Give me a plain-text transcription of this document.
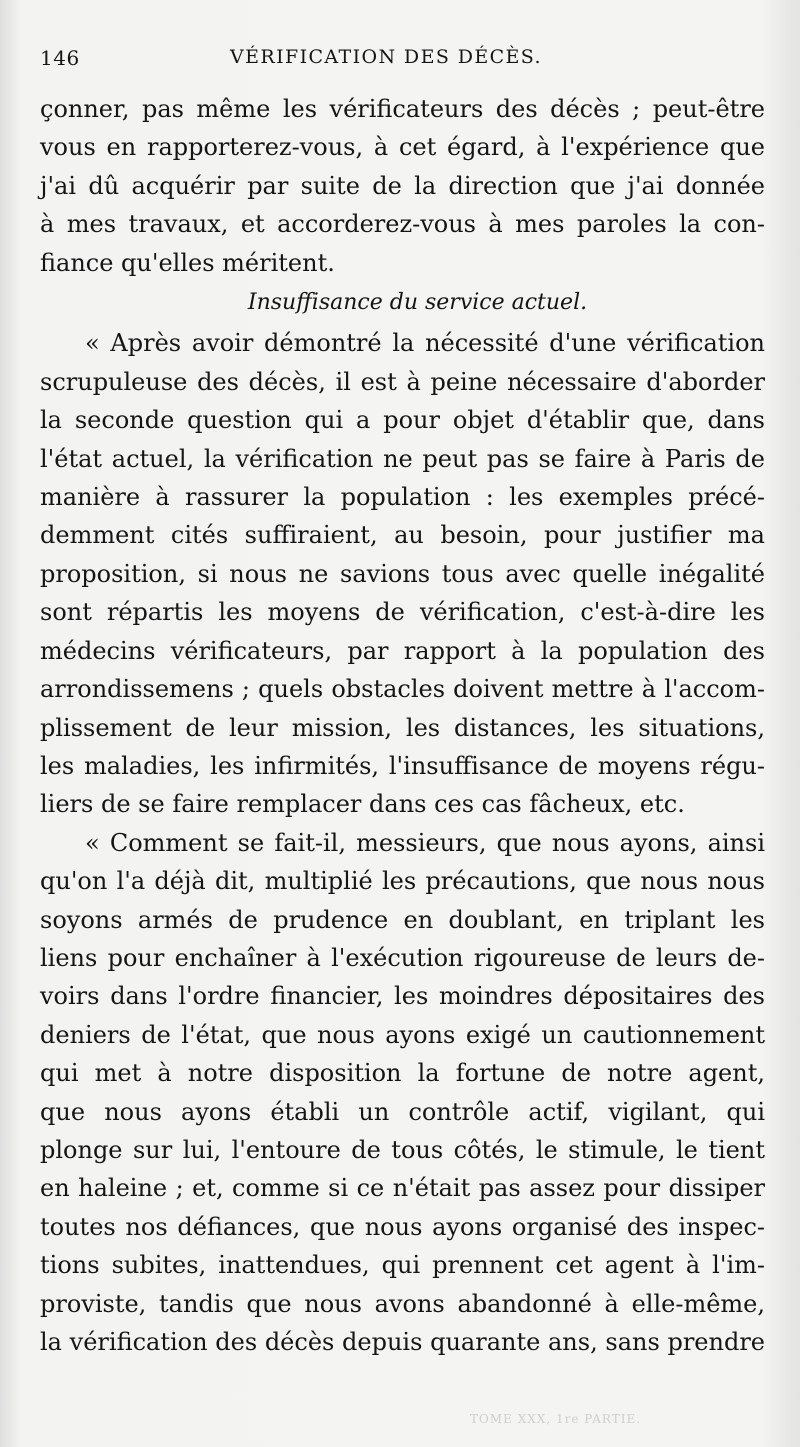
146	VÉRIFICATION DES DÉCÈS.
çonner, pas même les vérificateurs des décès ; peut-être
vous en rapporterez-vous, à cet égard, à l'expérience que
j'ai dû acquérir par suite de la direction que j'ai donnée
à mes travaux, et accorderez-vous à mes paroles la con-
fiance qu'elles méritent.
Insuffisance du service actuel.
« Après avoir démontré la nécessité d'une vérification
scrupuleuse des décès, il est à peine nécessaire d'aborder
la seconde question qui a pour objet d'établir que, dans
l'état actuel, la vérification ne peut pas se faire à Paris de
manière à rassurer la population : les exemples précé-
demment cités suffiraient, au besoin, pour justifier ma
proposition, si nous ne savions tous avec quelle inégalité
sont répartis les moyens de vérification, c'est-à-dire les
médecins vérificateurs, par rapport à la population des
arrondissemens ; quels obstacles doivent mettre à l'accom-
plissement de leur mission, les distances, les situations,
les maladies, les infirmités, l'insuffisance de moyens régu-
liers de se faire remplacer dans ces cas fâcheux, etc.
« Comment se fait-il, messieurs, que nous ayons, ainsi
qu'on l'a déjà dit, multiplié les précautions, que nous nous
soyons armés de prudence en doublant, en triplant les
liens pour enchaîner à l'exécution rigoureuse de leurs de-
voirs dans l'ordre financier, les moindres dépositaires des
deniers de l'état, que nous ayons exigé un cautionnement
qui met à notre disposition la fortune de notre agent,
que nous ayons établi un contrôle actif, vigilant, qui
plonge sur lui, l'entoure de tous côtés, le stimule, le tient
en haleine ; et, comme si ce n'était pas assez pour dissiper
toutes nos défiances, que nous ayons organisé des inspec-
tions subites, inattendues, qui prennent cet agent à l'im-
proviste, tandis que nous avons abandonné à elle-même,
la vérification des décès depuis quarante ans, sans prendre
TOME XXX, 1re PARTIE.
